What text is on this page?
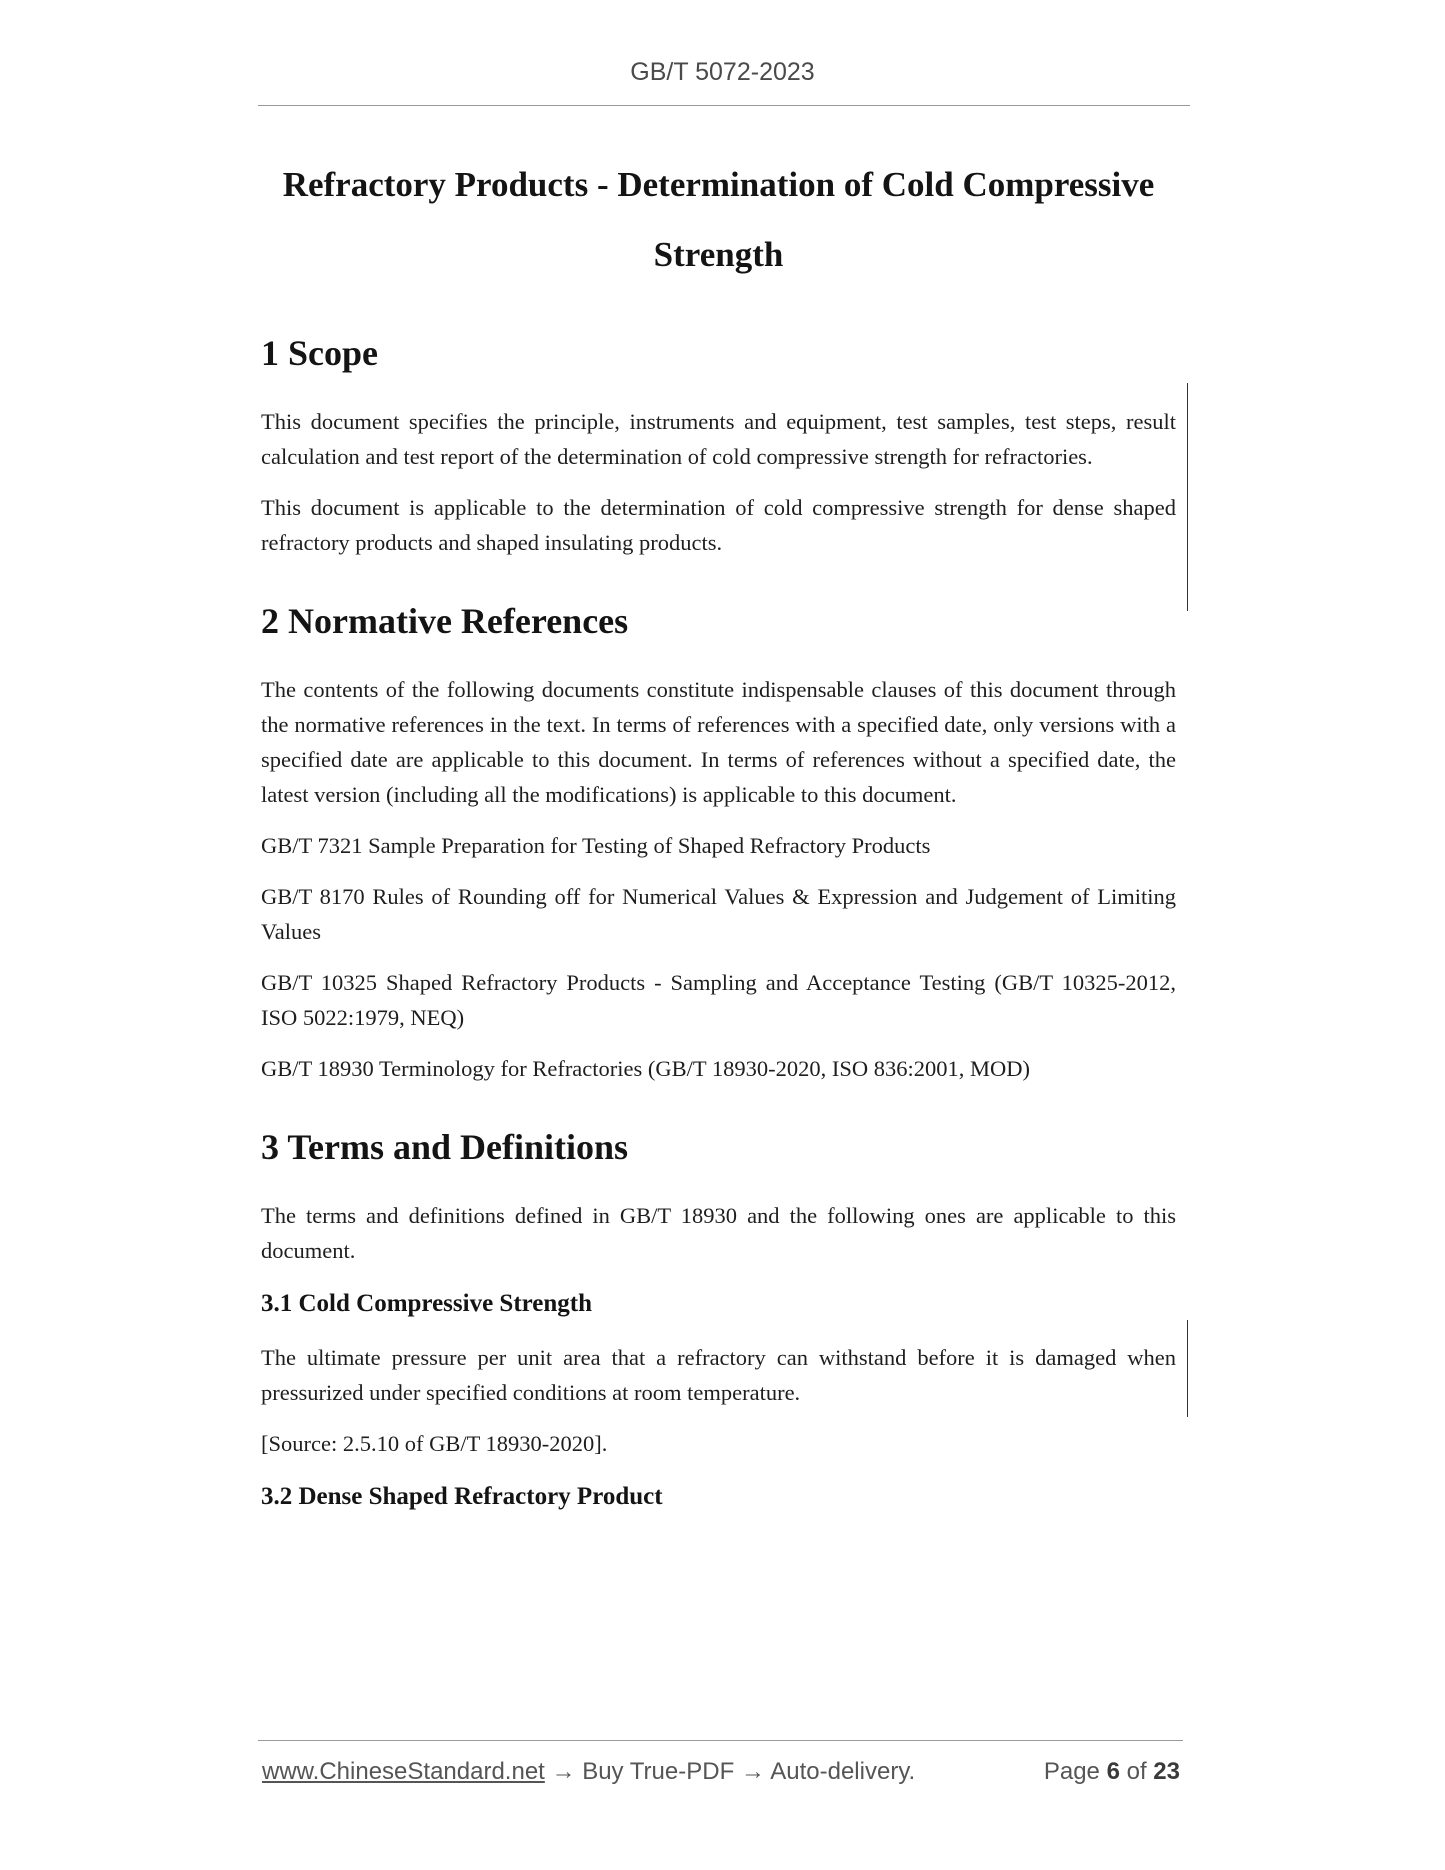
GB/T 5072-2023
Refractory Products - Determination of Cold Compressive
Strength
1 Scope

This document specifies the principle, instruments and equipment, test samples, test steps, result calculation and test report of the determination of cold compressive strength for refractories.

This document is applicable to the determination of cold compressive strength for dense shaped refractory products and shaped insulating products.

2 Normative References

The contents of the following documents constitute indispensable clauses of this document through the normative references in the text. In terms of references with a specified date, only versions with a specified date are applicable to this document. In terms of references without a specified date, the latest version (including all the modifications) is applicable to this document.

GB/T 7321 Sample Preparation for Testing of Shaped Refractory Products

GB/T 8170 Rules of Rounding off for Numerical Values & Expression and Judgement of Limiting Values

GB/T 10325 Shaped Refractory Products - Sampling and Acceptance Testing (GB/T 10325-2012, ISO 5022:1979, NEQ)

GB/T 18930 Terminology for Refractories (GB/T 18930-2020, ISO 836:2001, MOD)

3 Terms and Definitions

The terms and definitions defined in GB/T 18930 and the following ones are applicable to this document.

3.1 Cold Compressive Strength

The ultimate pressure per unit area that a refractory can withstand before it is damaged when pressurized under specified conditions at room temperature.

[Source: 2.5.10 of GB/T 18930-2020].

3.2 Dense Shaped Refractory Product
www.ChineseStandard.net → Buy True-PDF → Auto-delivery.	Page 6 of 23
